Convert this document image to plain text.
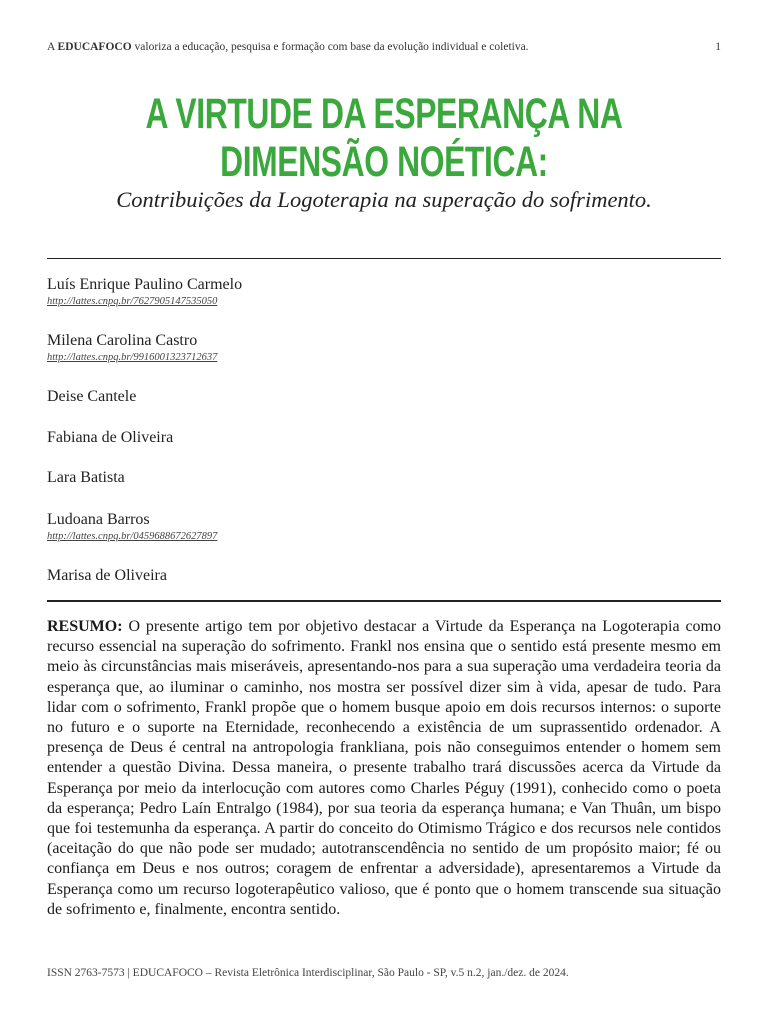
A EDUCAFOCO valoriza a educação, pesquisa e formação com base da evolução individual e coletiva.	1
A VIRTUDE DA ESPERANÇA NA
DIMENSÃO NOÉTICA:
Contribuições da Logoterapia na superação do sofrimento.
Luís Enrique Paulino Carmelo
http://lattes.cnpq.br/7627905147535050
Milena Carolina Castro
http://lattes.cnpq.br/9916001323712637
Deise Cantele
Fabiana de Oliveira
Lara Batista
Ludoana Barros
http://lattes.cnpq.br/0459688672627897
Marisa de Oliveira

RESUMO: O presente artigo tem por objetivo destacar a Virtude da Esperança na Logoterapia como recurso essencial na superação do sofrimento. Frankl nos ensina que o sentido está presente mesmo em meio às circunstâncias mais miseráveis, apresentando-nos para a sua superação uma verdadeira teoria da esperança que, ao iluminar o caminho, nos mostra ser possível dizer sim à vida, apesar de tudo. Para lidar com o sofrimento, Frankl propõe que o homem busque apoio em dois recursos internos: o suporte no futuro e o suporte na Eternidade, reconhecendo a existência de um suprassentido ordenador. A presença de Deus é central na antropologia frankliana, pois não conseguimos entender o homem sem entender a questão Divina. Dessa maneira, o presente trabalho trará discussões acerca da Virtude da Esperança por meio da interlocução com autores como Charles Péguy (1991), conhecido como o poeta da esperança; Pedro Laín Entralgo (1984), por sua teoria da esperança humana; e Van Thuân, um bispo que foi testemunha da esperança. A partir do conceito do Otimismo Trágico e dos recursos nele contidos (aceitação do que não pode ser mudado; autotranscendência no sentido de um propósito maior; fé ou confiança em Deus e nos outros; coragem de enfrentar a adversidade), apresentaremos a Virtude da Esperança como um recurso logoterapêutico valioso, que é ponto que o homem transcende sua situação de sofrimento e, finalmente, encontra sentido.

ISSN 2763-7573 | EDUCAFOCO – Revista Eletrônica Interdisciplinar, São Paulo - SP, v.5 n.2, jan./dez. de 2024.
